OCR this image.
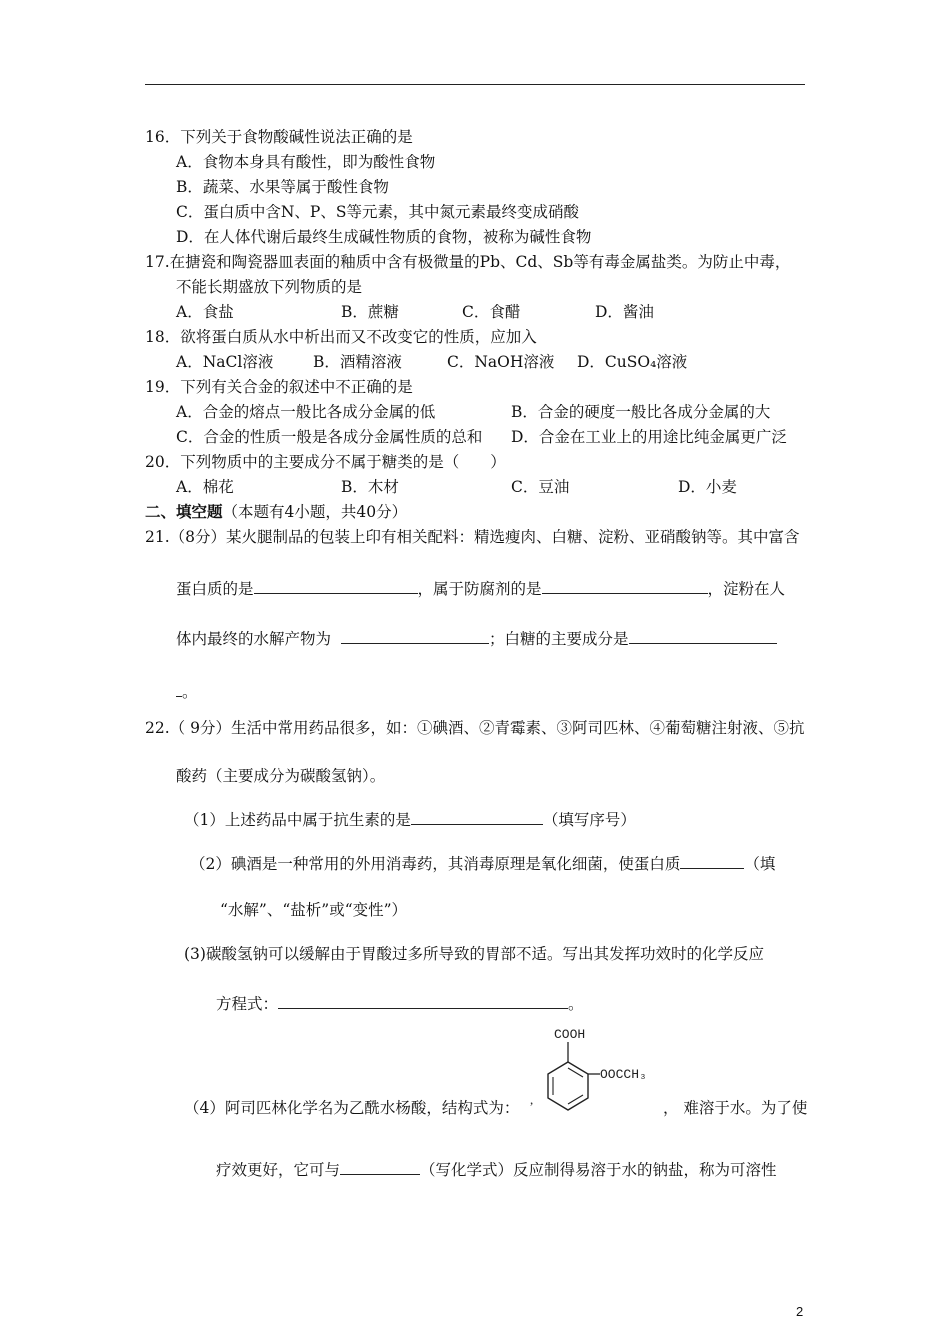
16．下列关于食物酸碱性说法正确的是
A．食物本身具有酸性，即为酸性食物
B．蔬菜、水果等属于酸性食物
C．蛋白质中含N、P、S等元素，其中氮元素最终变成硝酸
D．在人体代谢后最终生成碱性物质的食物，被称为碱性食物
17.在搪瓷和陶瓷器皿表面的釉质中含有极微量的Pb、Cd、Sb等有毒金属盐类。为防止中毒，
不能长期盛放下列物质的是
A．食盐	B．蔗糖	C．食醋	D．酱油
18．欲将蛋白质从水中析出而又不改变它的性质，应加入
A．NaCl溶液	B．酒精溶液	C．NaOH溶液 D．CuSO₄溶液
19．下列有关合金的叙述中不正确的是
A．合金的熔点一般比各成分金属的低	B．合金的硬度一般比各成分金属的大
C．合金的性质一般是各成分金属性质的总和 D．合金在工业上的用途比纯金属更广泛
20．下列物质中的主要成分不属于糖类的是（　　）
A．棉花	B．木材	C．豆油	D．小麦
二、填空题（本题有4小题，共40分）
21.（8分）某火腿制品的包装上印有相关配料：精选瘦肉、白糖、淀粉、亚硝酸钠等。其中富含
蛋白质的是	，属于防腐剂的是	，淀粉在人
体内最终的水解产物为	；白糖的主要成分是
。
22.（ 9分）生活中常用药品很多，如：①碘酒、②青霉素、③阿司匹林、④葡萄糖注射液、⑤抗
酸药（主要成分为碳酸氢钠）。
（1）上述药品中属于抗生素的是	（填写序号）
（2）碘酒是一种常用的外用消毒药，其消毒原理是氧化细菌，使蛋白质	（填
“水解”、“盐析”或“变性”）
(3)碳酸氢钠可以缓解由于胃酸过多所导致的胃部不适。写出其发挥功效时的化学反应
方程式：	。
COOH
OOCCH₃
,
（4）阿司匹林化学名为乙酰水杨酸，结构式为：	， 难溶于水。为了使
疗效更好，它可与	（写化学式）反应制得易溶于水的钠盐，称为可溶性
2
